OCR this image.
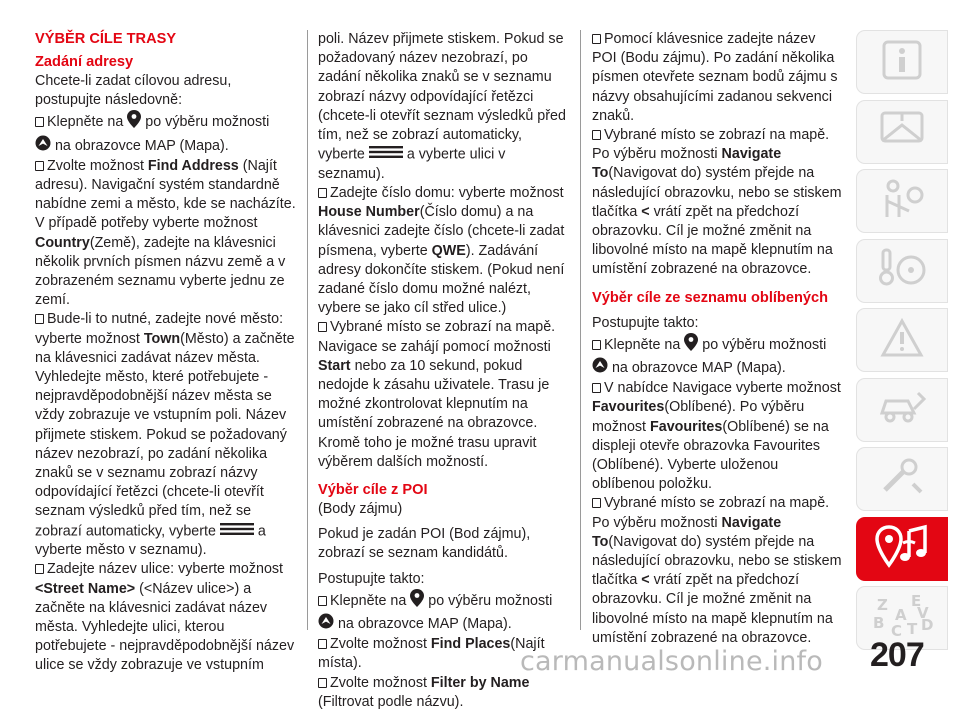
VÝBĚR CÍLE TRASY
Zadání adresy

Chcete-li zadat cílovou adresu, postupujte následovně:

Klepněte na po výběru možnosti
na obrazovce MAP (Mapa).

Zvolte možnost Find Address (Najít adresu). Navigační systém standardně nabídne zemi a město, kde se nacházíte. V případě potřeby vyberte možnost Country(Země), zadejte na klávesnici několik prvních písmen názvu země a v zobrazeném seznamu vyberte jednu ze zemí.

Bude-li to nutné, zadejte nové město: vyberte možnost Town(Město) a začněte na klávesnici zadávat název města. Vyhledejte město, které potřebujete - nejpravděpodobnější název města se vždy zobrazuje ve vstupním poli. Název přijmete stiskem. Pokud se požadovaný název nezobrazí, po zadání několika znaků se v seznamu zobrazí názvy odpovídající řetězci (chcete-li otevřít seznam výsledků před tím, než se zobrazí automaticky, vyberte	a vyberte město v seznamu).

Zadejte název ulice: vyberte možnost <Street Name> (<Název ulice>) a začněte na klávesnici zadávat název města. Vyhledejte ulici, kterou potřebujete - nejpravděpodobnější název ulice se vždy zobrazuje ve vstupním

poli. Název přijmete stiskem. Pokud se požadovaný název nezobrazí, po zadání několika znaků se v seznamu zobrazí názvy odpovídající řetězci (chcete-li otevřít seznam výsledků před tím, než se zobrazí automaticky, vyberte	a vyberte ulici v seznamu).

Zadejte číslo domu: vyberte možnost House Number(Číslo domu) a na klávesnici zadejte číslo (chcete-li zadat písmena, vyberte QWE). Zadávání adresy dokončíte stiskem. (Pokud není zadané číslo domu možné nalézt, vybere se jako cíl střed ulice.)

Vybrané místo se zobrazí na mapě. Navigace se zahájí pomocí možnosti Start nebo za 10 sekund, pokud nedojde k zásahu uživatele. Trasu je možné zkontrolovat klepnutím na umístění zobrazené na obrazovce. Kromě toho je možné trasu upravit výběrem dalších možností.

Výběr cíle z POI

(Body zájmu)

Pokud je zadán POI (Bod zájmu), zobrazí se seznam kandidátů.

Postupujte takto:

Klepněte na po výběru možnosti
na obrazovce MAP (Mapa).

Zvolte možnost Find Places(Najít místa).

Zvolte možnost Filter by Name
(Filtrovat podle názvu).

Pomocí klávesnice zadejte název POI (Bodu zájmu). Po zadání několika písmen otevřete seznam bodů zájmu s názvy obsahujícími zadanou sekvenci znaků.

Vybrané místo se zobrazí na mapě. Po výběru možnosti Navigate To(Navigovat do) systém přejde na následující obrazovku, nebo se stiskem tlačítka < vrátí zpět na předchozí obrazovku. Cíl je možné změnit na libovolné místo na mapě klepnutím na umístění zobrazené na obrazovce.

Výběr cíle ze seznamu oblíbených

Postupujte takto:

Klepněte na po výběru možnosti
na obrazovce MAP (Mapa).

V nabídce Navigace vyberte možnost Favourites(Oblíbené). Po výběru možnost Favourites(Oblíbené) se na displeji otevře obrazovka Favourites (Oblíbené). Vyberte uloženou oblíbenou položku.

Vybrané místo se zobrazí na mapě. Po výběru možnosti Navigate To(Navigovat do) systém přejde na následující obrazovku, nebo se stiskem tlačítka < vrátí zpět na předchozí obrazovku. Cíl je možné změnit na libovolné místo na mapě klepnutím na umístění zobrazené na obrazovce.

Z E
B C T D
A V
carmanualsonline.info 207
